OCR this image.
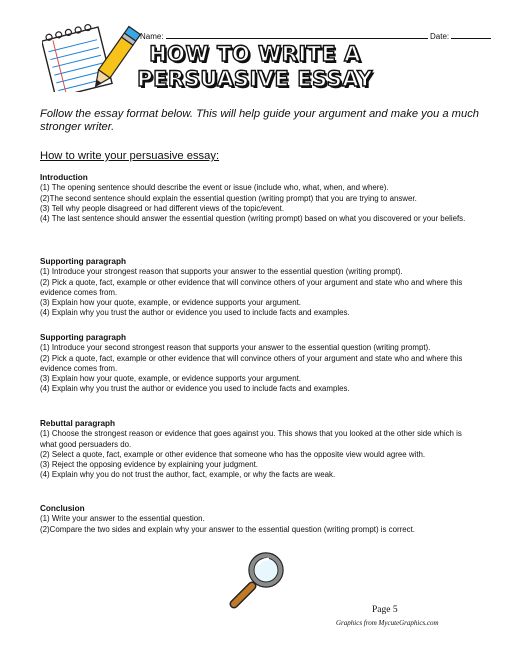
Name:	Date:
HOW TO WRITE A
PERSUASIVE ESSAY
Follow the essay format below. This will help guide your argument and make you a much stronger writer.
How to write your persuasive essay:
Introduction
(1) The opening sentence should describe the event or issue (include who, what, when, and where).
(2)The second sentence should explain the essential question (writing prompt) that you are trying to answer.
(3) Tell why people disagreed or had different views of the topic/event.
(4) The last sentence should answer the essential question (writing prompt) based on what you discovered or your beliefs.
Supporting paragraph
(1) Introduce your strongest reason that supports your answer to the essential question (writing prompt).
(2) Pick a quote, fact, example or other evidence that will convince others of your argument and state who and where this evidence comes from.
(3) Explain how your quote, example, or evidence supports your argument.
(4) Explain why you trust the author or evidence you used to include facts and examples.
Supporting paragraph
(1) Introduce your second strongest reason that supports your answer to the essential question (writing prompt).
(2) Pick a quote, fact, example or other evidence that will convince others of your argument and state who and where this evidence comes from.
(3) Explain how your quote, example, or evidence supports your argument.
(4) Explain why you trust the author or evidence you used to include facts and examples.
Rebuttal paragraph
(1) Choose the strongest reason or evidence that goes against you. This shows that you looked at the other side which is what good persuaders do.
(2) Select a quote, fact, example or other evidence that someone who has the opposite view would agree with.
(3) Reject the opposing evidence by explaining your judgment.
(4) Explain why you do not trust the author, fact, example, or why the facts are weak.
Conclusion
(1) Write your answer to the essential question.
(2)Compare the two sides and explain why your answer to the essential question (writing prompt) is correct.
Page 5
Graphics from MycuteGraphics.com
